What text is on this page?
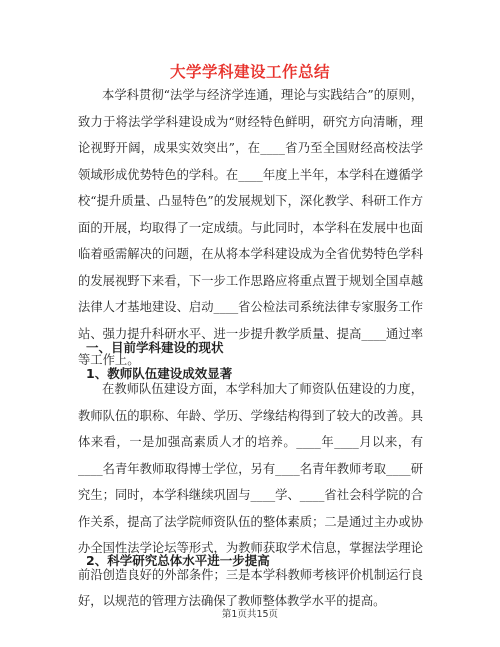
大学学科建设工作总结

本学科贯彻“法学与经济学连通，理论与实践结合”的原则，致力于将法学学科建设成为“财经特色鲜明，研究方向清晰，理论视野开阔，成果实效突出”，在____省乃至全国财经高校法学领域形成优势特色的学科。在____年度上半年，本学科在遵循学校“提升质量、凸显特色”的发展规划下，深化教学、科研工作方面的开展，均取得了一定成绩。与此同时，本学科在发展中也面临着亟需解决的问题，在从将本学科建设成为全省优势特色学科的发展视野下来看，下一步工作思路应将重点置于规划全国卓越法律人才基地建设、启动____省公检法司系统法律专家服务工作站、强力提升科研水平、进一步提升教学质量、提高____通过率等工作上。

一、目前学科建设的现状
1、教师队伍建设成效显著

在教师队伍建设方面，本学科加大了师资队伍建设的力度，教师队伍的职称、年龄、学历、学缘结构得到了较大的改善。具体来看，一是加强高素质人才的培养。____年____月以来，有____名青年教师取得博士学位，另有____名青年教师考取____研究生；同时，本学科继续巩固与____学、____省社会科学院的合作关系，提高了法学院师资队伍的整体素质；二是通过主办或协办全国性法学论坛等形式，为教师获取学术信息，掌握法学理论前沿创造良好的外部条件；三是本学科教师考核评价机制运行良好，以规范的管理方法确保了教师整体教学水平的提高。

2、科学研究总体水平进一步提高
第1页共15页
